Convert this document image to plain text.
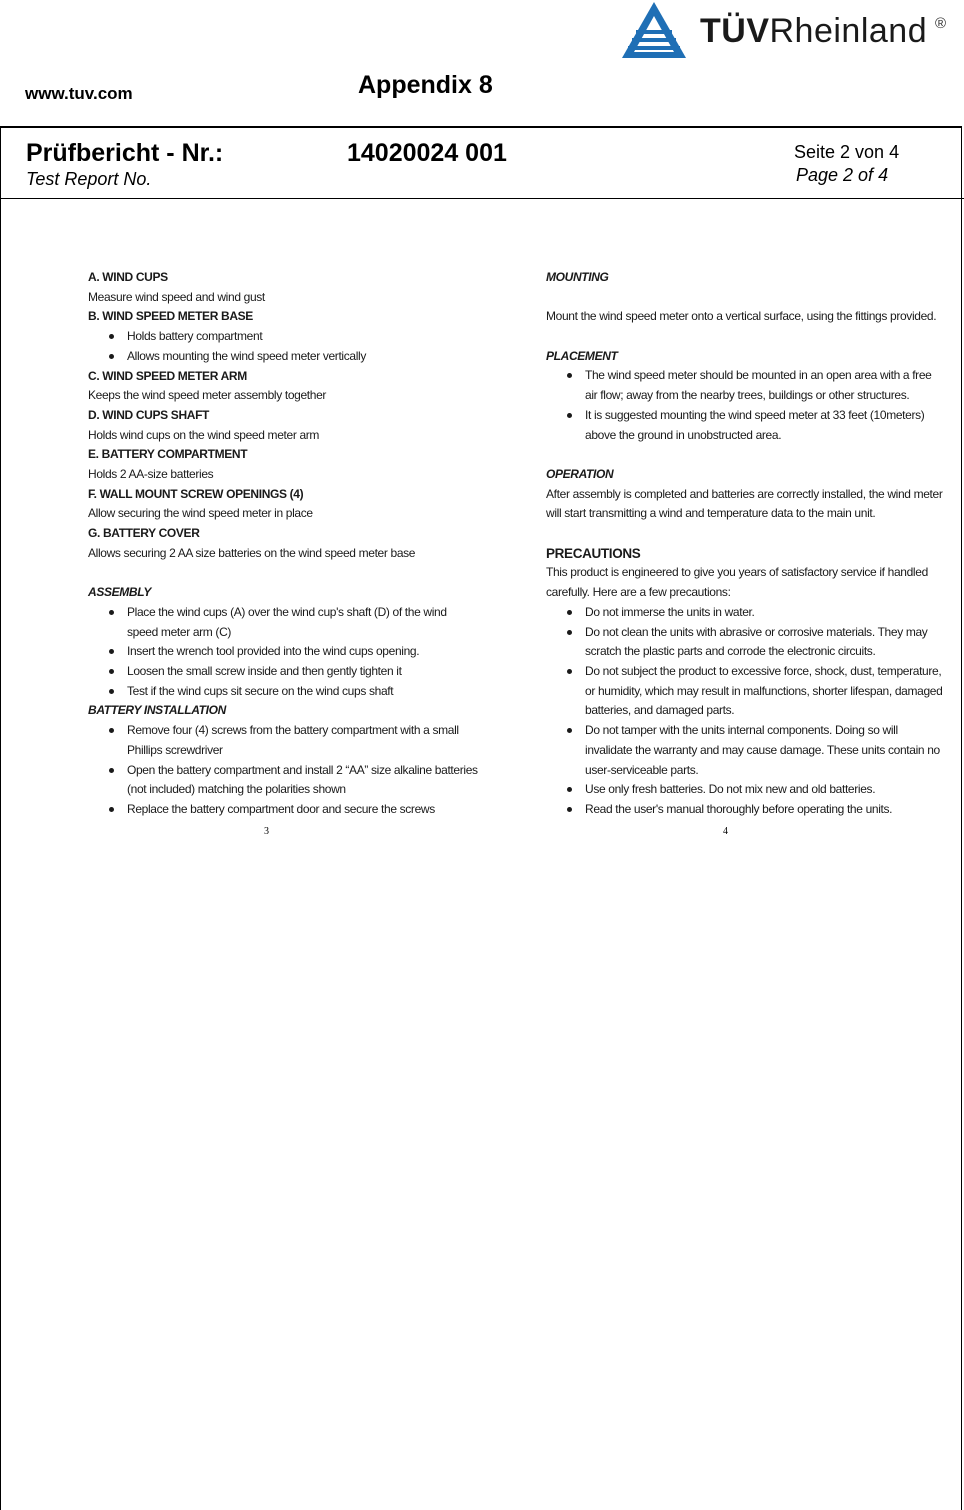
www.tuv.com	Appendix 8
TÜVRheinland ®
Prüfbericht - Nr.:
Test Report No.
14020024 001	Seite 2 von 4
Page 2 of 4
A. WIND CUPS
Measure wind speed and wind gust
B. WIND SPEED METER BASE
Holds battery compartment
Allows mounting the wind speed meter vertically
C. WIND SPEED METER ARM
Keeps the wind speed meter assembly together
D. WIND CUPS SHAFT
Holds wind cups on the wind speed meter arm
E. BATTERY COMPARTMENT
Holds 2 AA-size batteries
F. WALL MOUNT SCREW OPENINGS (4)
Allow securing the wind speed meter in place
G. BATTERY COVER
Allows securing 2 AA size batteries on the wind speed meter base
ASSEMBLY
Place the wind cups (A) over the wind cup's shaft (D) of the wind speed meter arm (C)
Insert the wrench tool provided into the wind cups opening.
Loosen the small screw inside and then gently tighten it
Test if the wind cups sit secure on the wind cups shaft
BATTERY INSTALLATION
Remove four (4) screws from the battery compartment with a small Phillips screwdriver
Open the battery compartment and install 2 “AA” size alkaline batteries (not included) matching the polarities shown
Replace the battery compartment door and secure the screws
3
MOUNTING
Mount the wind speed meter onto a vertical surface, using the fittings provided.
PLACEMENT
The wind speed meter should be mounted in an open area with a free air flow; away from the nearby trees, buildings or other structures.
It is suggested mounting the wind speed meter at 33 feet (10meters) above the ground in unobstructed area.
OPERATION
After assembly is completed and batteries are correctly installed, the wind meter will start transmitting a wind and temperature data to the main unit.
PRECAUTIONS
This product is engineered to give you years of satisfactory service if handled carefully. Here are a few precautions:
Do not immerse the units in water.
Do not clean the units with abrasive or corrosive materials. They may scratch the plastic parts and corrode the electronic circuits.
Do not subject the product to excessive force, shock, dust, temperature, or humidity, which may result in malfunctions, shorter lifespan, damaged batteries, and damaged parts.
Do not tamper with the units internal components. Doing so will invalidate the warranty and may cause damage. These units contain no user-serviceable parts.
Use only fresh batteries. Do not mix new and old batteries.
Read the user's manual thoroughly before operating the units.
4
